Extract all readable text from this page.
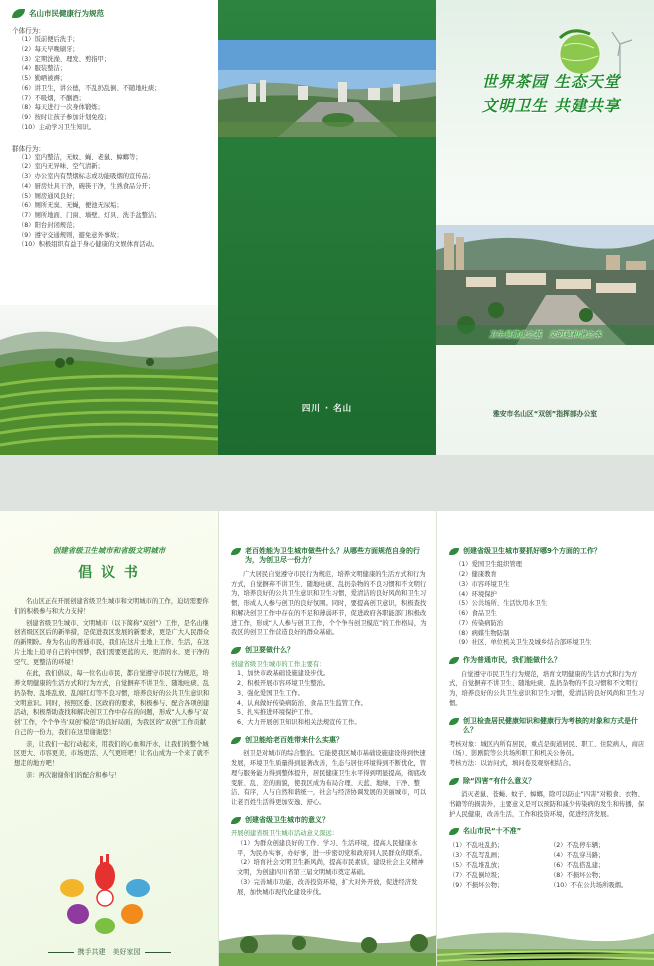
名山市民健康行为规范
个体行为：
（1）饭前便后洗手；
（2）每天早晚刷牙；
（3）定期洗澡、理发、剪指甲；
（4）服装整洁；
（5）勤晒被褥；
（6）讲卫生，讲公德，不乱扔乱倒、不随地吐痰；
（7）不吸烟，不酗酒；
（8）每天进行一次身体锻炼；
（9）按时让孩子参加计划免疫；
（10）主动学习卫生知识。
群体行为：
（1）室内整洁，无蚊、蝇、老鼠、蟑螂等；
（2）室内无异味、空气清新；
（3）办公室内有禁烟标志或功能吸烟的宣传品；
（4）厨房灶具干净，碗筷干净，生熟食品分开；
（5）厕房通风良好；
（6）厕所无臭、无蝇，便池无尿垢；
（7）厕所地面、门窗、墙壁、灯具、洗手盆整洁；
（8）阳台封闭规范；
（9）遵守交通规则，避免意外事故；
（10）积极组织有益于身心健康的文娱体育活动。
四川 · 名山
世界茶园 生态天堂
文明卫生 共建共享
卫生是健康之基　文明是和谐之本
雅安市名山区“双创”指挥部办公室
创建省级卫生城市和省级文明城市
倡 议 书

名山区正在开展创建省级卫生城市和文明城市的工作，迫切需要你们的积极参与和大力支持！

创建省级卫生城市、文明城市（以下简称“双创”）工作，是名山继创省级区区后的新举措，是促进我区发展的新要求，更是广大人民群众的新期盼。身为名山的普通市民，我们在这片土地上工作、生活，在这片土地上追寻自己的中国梦，我们需要更蓝的天、更清的水、更干净的空气、更整洁的环境！

在此，我们倡议，每一位名山市民，都自觉遵守市民行为规范，培养文明健康的生活方式和行为方式，自觉摒弃不讲卫生、随地吐痰、乱扔杂物、乱堆乱放、乱闯红灯等不良习惯，培养良好的公共卫生意识和文明意识。同时，按照区委、区政府的要求，积极参与、配合各项创建活动，积极帮助查找和解决创卫工作中存在的问题，形成“人人参与‘双创’工作，个个争当‘双创’模范”的良好局面，为我区的“双创”工作贡献自己的一份力，我们在这里谢谢您！

亲，让我们一起行动起来，用我们的心血和汗水，让我们的整个城区更大、市容更美、市场更活、人气更旺吧！让名山成为一个来了就不想走的地方吧！

亲：再次谢谢你们的配合和参与！

携手共建　美好家园
老百姓能为卫生城市做些什么？从哪些方面规范自身的行为，为创卫尽一份力？
广大居民自觉遵守市民行为规范，培养文明健康的生活方式和行为方式，自觉摒弃不讲卫生、随地吐痰、乱扔杂物的不良习惯和不文明行为，培养良好的公共卫生意识和卫生习惯，爱清洁的良好风尚和卫生习惯，形成人人参与创卫的良好氛围。同时，要提高创卫意识，积极查找和解决创卫工作中存在的不足和薄弱环节，促进政府各职能部门积极改进工作，形成“人人参与创卫工作，个个争当创卫模范”的工作格局，为我区的创卫工作营造良好的群众基础。
创卫要做什么？
创建省级卫生城市的工作主要有：
1、加快市政基础设施建设步伐。
2、积极开展市容环境卫生整治。
3、强化爱国卫生工作。
4、认真做好传染病防治、食品卫生监管工作。
5、扎实推进环境保护工作。
6、大力开展创卫知识和相关法规宣传工作。
创卫能给老百姓带来什么实惠？
创卫是对城市的综合整治。它能使我区城市基础设施建设得到快速发展，环境卫生质量得到显著改善，生态与居住环境得到不断优化，管理与服务能力得到整体提升，居民健康卫生水平得到明显提高，彻底改变脏、乱、差的面貌，使我区成为布局合理、天蓝、地绿、干净、整洁、有序，人与自然和谐统一，社会与经济协调发展的美丽城市，可以让老百姓生活得更加安逸、舒心。
创建省级卫生城市的意义？
开展创建省级卫生城市活动意义深远：
（1）为群众创建良好的工作、学习、生活环境，提高人民健康水平，为民办实事，办好事，进一步密切党和政府同人民群众的联系。
（2）培育社会文明卫生新风尚，提高市民素质，建设社会主义精神文明，为创建四川省第三届文明城市奠定基础。
（3）完善城市功能，改善投资环境，扩大对外开放，促进经济发展，加快城市现代化建设步伐。
创建省级卫生城市要抓好哪9个方面的工作？
（1）爱国卫生组织管理
（2）健康教育
（3）市容环境卫生
（4）环境保护
（5）公共场所、生活饮用水卫生
（6）食品卫生
（7）传染病防治
（8）病媒生物防制
（9）社区、单位机关卫生及城乡结合部环境卫生
作为普通市民，我们能做什么？
自觉遵守市民卫生行为规范，培育文明健康的生活方式和行为方式，自觉摒弃不讲卫生、随地吐痰、乱扔杂物的不良习惯和不文明行为，培养良好的公共卫生意识和卫生习惯，爱清洁的良好风尚和卫生习惯。
创卫检查居民健康知识和健康行为考核的对象和方式是什么？
考核对象：城区内所有居民，重点是街道居民、职工、住院病人，商店（场）、影剧院等公共场所职工和机关公务员。
考核方法：以访问式，填问卷及观察相结合。
除“四害”有什么意义？
消灭老鼠、苍蝇、蚊子、蟑螂，除可以防止“四害”对粮食、衣物、书籍等的损害外，主要意义是可以预防和减少传染病的发生和传播，保护人民健康，改善生活，工作和投资环境，促进经济发展。
名山市民“十不准”
（1）不乱吐乱扔；	（2）不乱停车辆；
（3）不乱写乱画；	（4）不乱穿马路；
（5）不乱堆乱放；	（6）不乱搭乱建；
（7）不乱倒垃圾；	（8）不损坏公物；
（9）不损坏公物；	（10）不在公共场所吸烟。
